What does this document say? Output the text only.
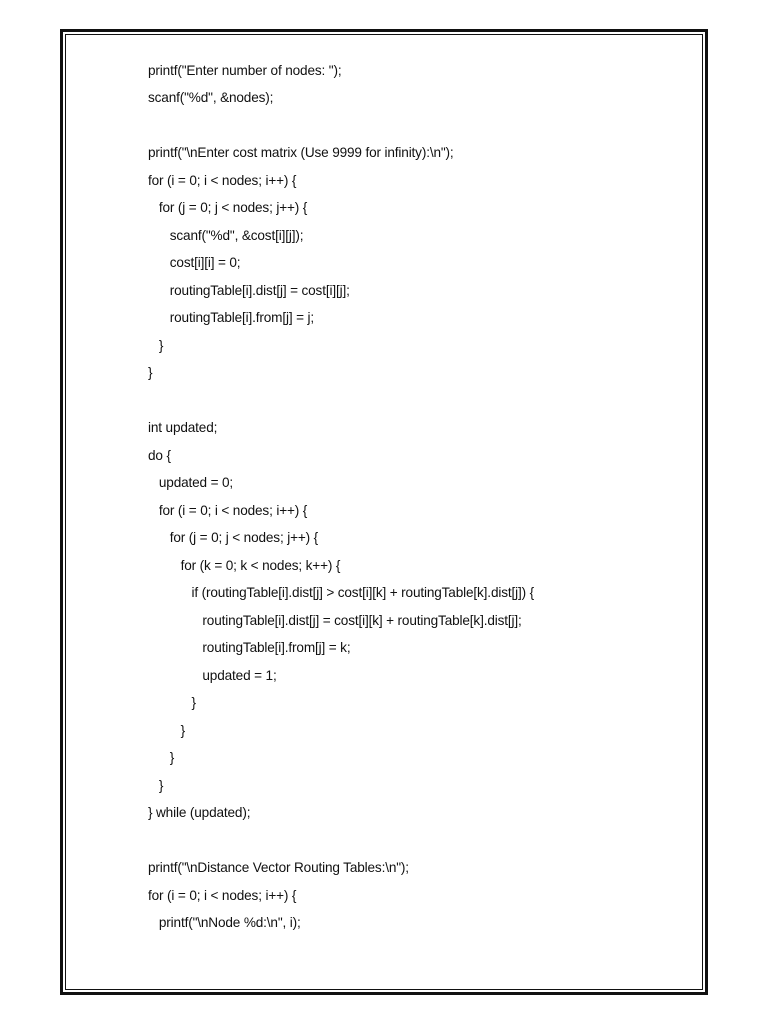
printf("Enter number of nodes: ");
scanf("%d", &nodes);
printf("\nEnter cost matrix (Use 9999 for infinity):\n");
for (i = 0; i < nodes; i++) {
for (j = 0; j < nodes; j++) {
scanf("%d", &cost[i][j]);
cost[i][i] = 0;
routingTable[i].dist[j] = cost[i][j];
routingTable[i].from[j] = j;
}
}
int updated;
do {
updated = 0;
for (i = 0; i < nodes; i++) {
for (j = 0; j < nodes; j++) {
for (k = 0; k < nodes; k++) {
if (routingTable[i].dist[j] > cost[i][k] + routingTable[k].dist[j]) {
routingTable[i].dist[j] = cost[i][k] + routingTable[k].dist[j];
routingTable[i].from[j] = k;
updated = 1;
}
}
}
}
} while (updated);
printf("\nDistance Vector Routing Tables:\n");
for (i = 0; i < nodes; i++) {
printf("\nNode %d:\n", i);
